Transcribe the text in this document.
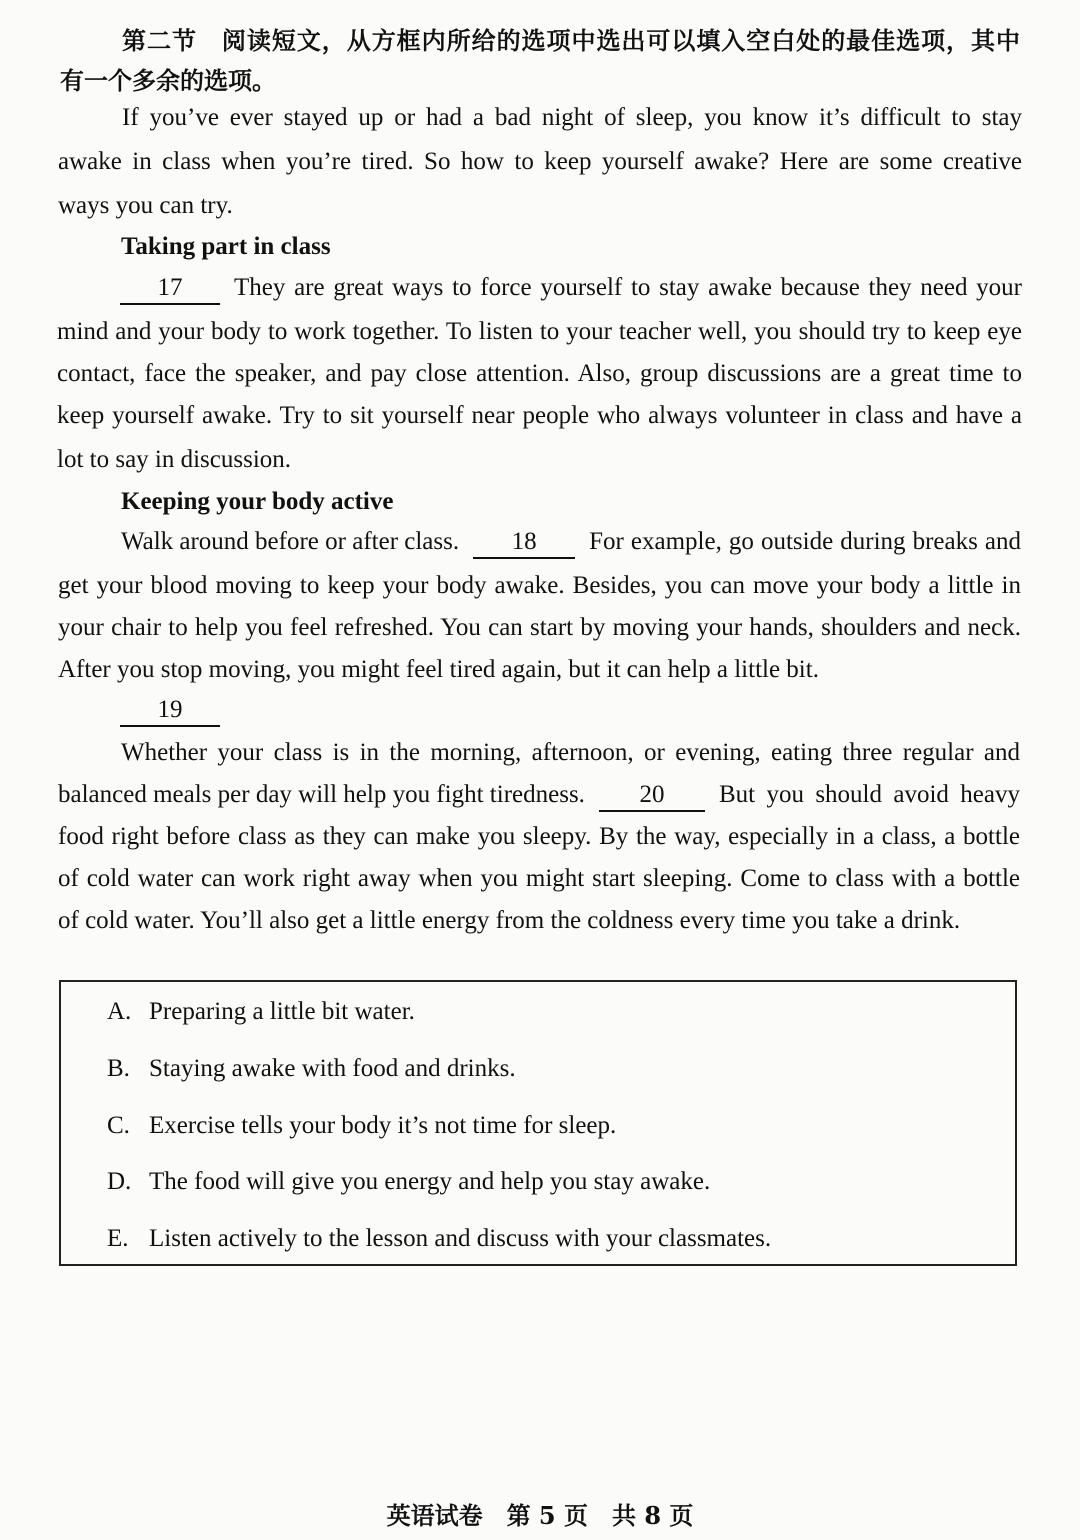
第二节　阅读短文，从方框内所给的选项中选出可以填入空白处的最佳选项，其中
有一个多余的选项。
If you’ve ever stayed up or had a bad night of sleep, you know it’s difficult to stay
awake in class when you’re tired. So how to keep yourself awake? Here are some creative
ways you can try.
Taking part in class
17	They are great ways to force yourself to stay awake because they need your
mind and your body to work together. To listen to your teacher well, you should try to keep eye
contact, face the speaker, and pay close attention. Also, group discussions are a great time to
keep yourself awake. Try to sit yourself near people who always volunteer in class and have a
lot to say in discussion.
Keeping your body active
Walk around before or after class.	18	For example, go outside during breaks and
get your blood moving to keep your body awake. Besides, you can move your body a little in
your chair to help you feel refreshed. You can start by moving your hands, shoulders and neck.
After you stop moving, you might feel tired again, but it can help a little bit.
19
Whether your class is in the morning, afternoon, or evening, eating three regular and
balanced meals per day will help you fight tiredness.	20	But you should avoid heavy
food right before class as they can make you sleepy. By the way, especially in a class, a bottle
of cold water can work right away when you might start sleeping. Come to class with a bottle
of cold water. You’ll also get a little energy from the coldness every time you take a drink.
A. Preparing a little bit water.
B. Staying awake with food and drinks.
C. Exercise tells your body it’s not time for sleep.
D. The food will give you energy and help you stay awake.
E. Listen actively to the lesson and discuss with your classmates.
英语试卷　第 5 页　共 8 页
